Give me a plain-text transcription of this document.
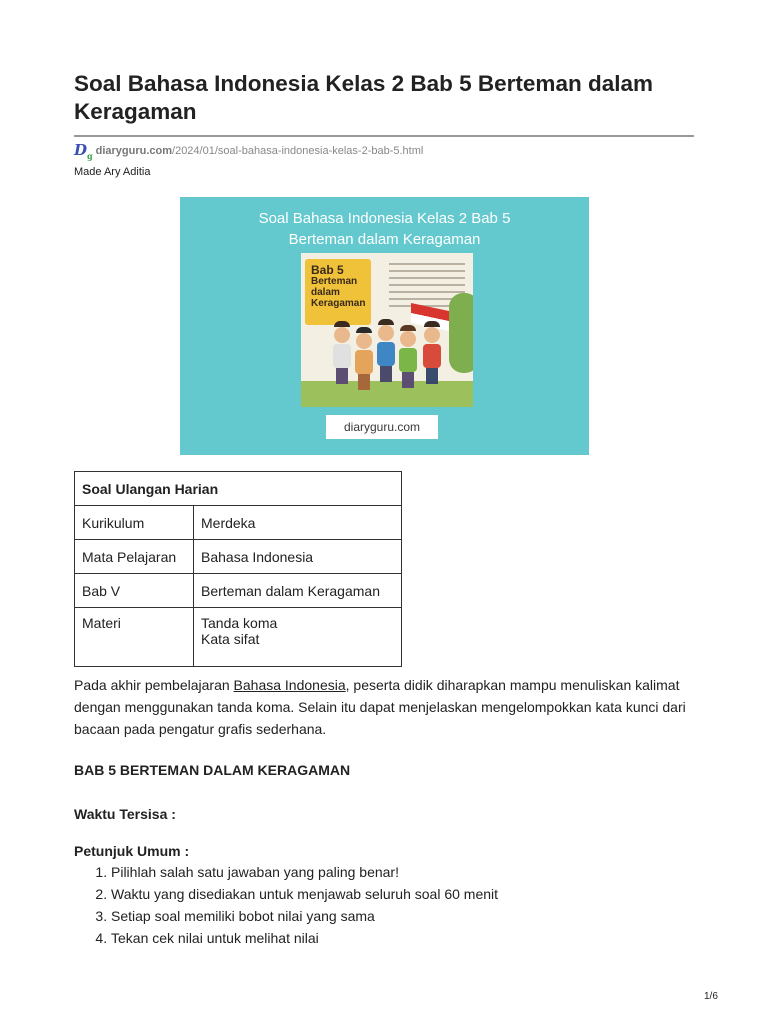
Soal Bahasa Indonesia Kelas 2 Bab 5 Berteman dalam Keragaman
$D_g$ diaryguru.com /2024/01/soal-bahasa-indonesia-kelas-2-bab-5.html
Made Ary Aditia
Soal Bahasa Indonesia Kelas 2 Bab 5
Berteman dalam Keragaman
Bab 5
Berteman
dalam
Keragaman
diaryguru.com
Soal Ulangan Harian	
Kurikulum	Merdeka
Mata Pelajaran	Bahasa Indonesia
Bab V	Berteman dalam Keragaman
Materi	Tanda koma
Kata sifat
Pada akhir pembelajaran Bahasa Indonesia, peserta didik diharapkan mampu menuliskan kalimat dengan menggunakan tanda koma. Selain itu dapat menjelaskan mengelompokkan kata kunci dari bacaan pada pengatur grafis sederhana.
BAB 5 BERTEMAN DALAM KERAGAMAN
Waktu Tersisa :
Petunjuk Umum :
1. Pilihlah salah satu jawaban yang paling benar!
2. Waktu yang disediakan untuk menjawab seluruh soal 60 menit
3. Setiap soal memiliki bobot nilai yang sama
4. Tekan cek nilai untuk melihat nilai
1/6
